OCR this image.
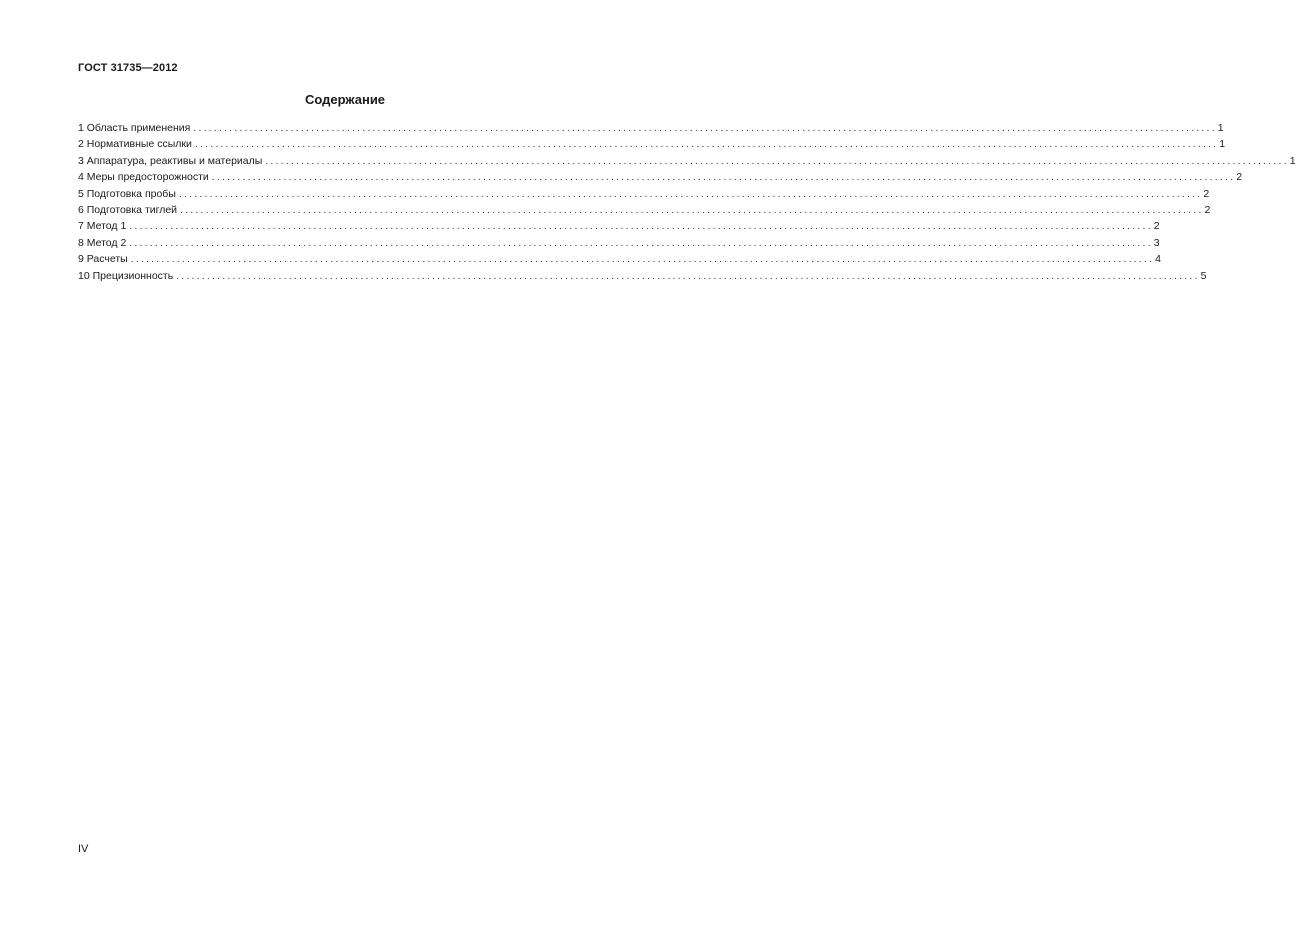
ГОСТ 31735—2012
Содержание
1 Область применения ........................................................................................................................................................................................................ 1
2 Нормативные ссылки ........................................................................................................................................................................................................ 1
3 Аппаратура, реактивы и материалы ........................................................................................................................................................................................................ 1
4 Меры предосторожности ........................................................................................................................................................................................................ 2
5 Подготовка пробы ........................................................................................................................................................................................................ 2
6 Подготовка тиглей ........................................................................................................................................................................................................ 2
7 Метод 1 ........................................................................................................................................................................................................ 2
8 Метод 2 ........................................................................................................................................................................................................ 3
9 Расчеты ........................................................................................................................................................................................................ 4
10 Прецизионность ........................................................................................................................................................................................................ 5
IV
